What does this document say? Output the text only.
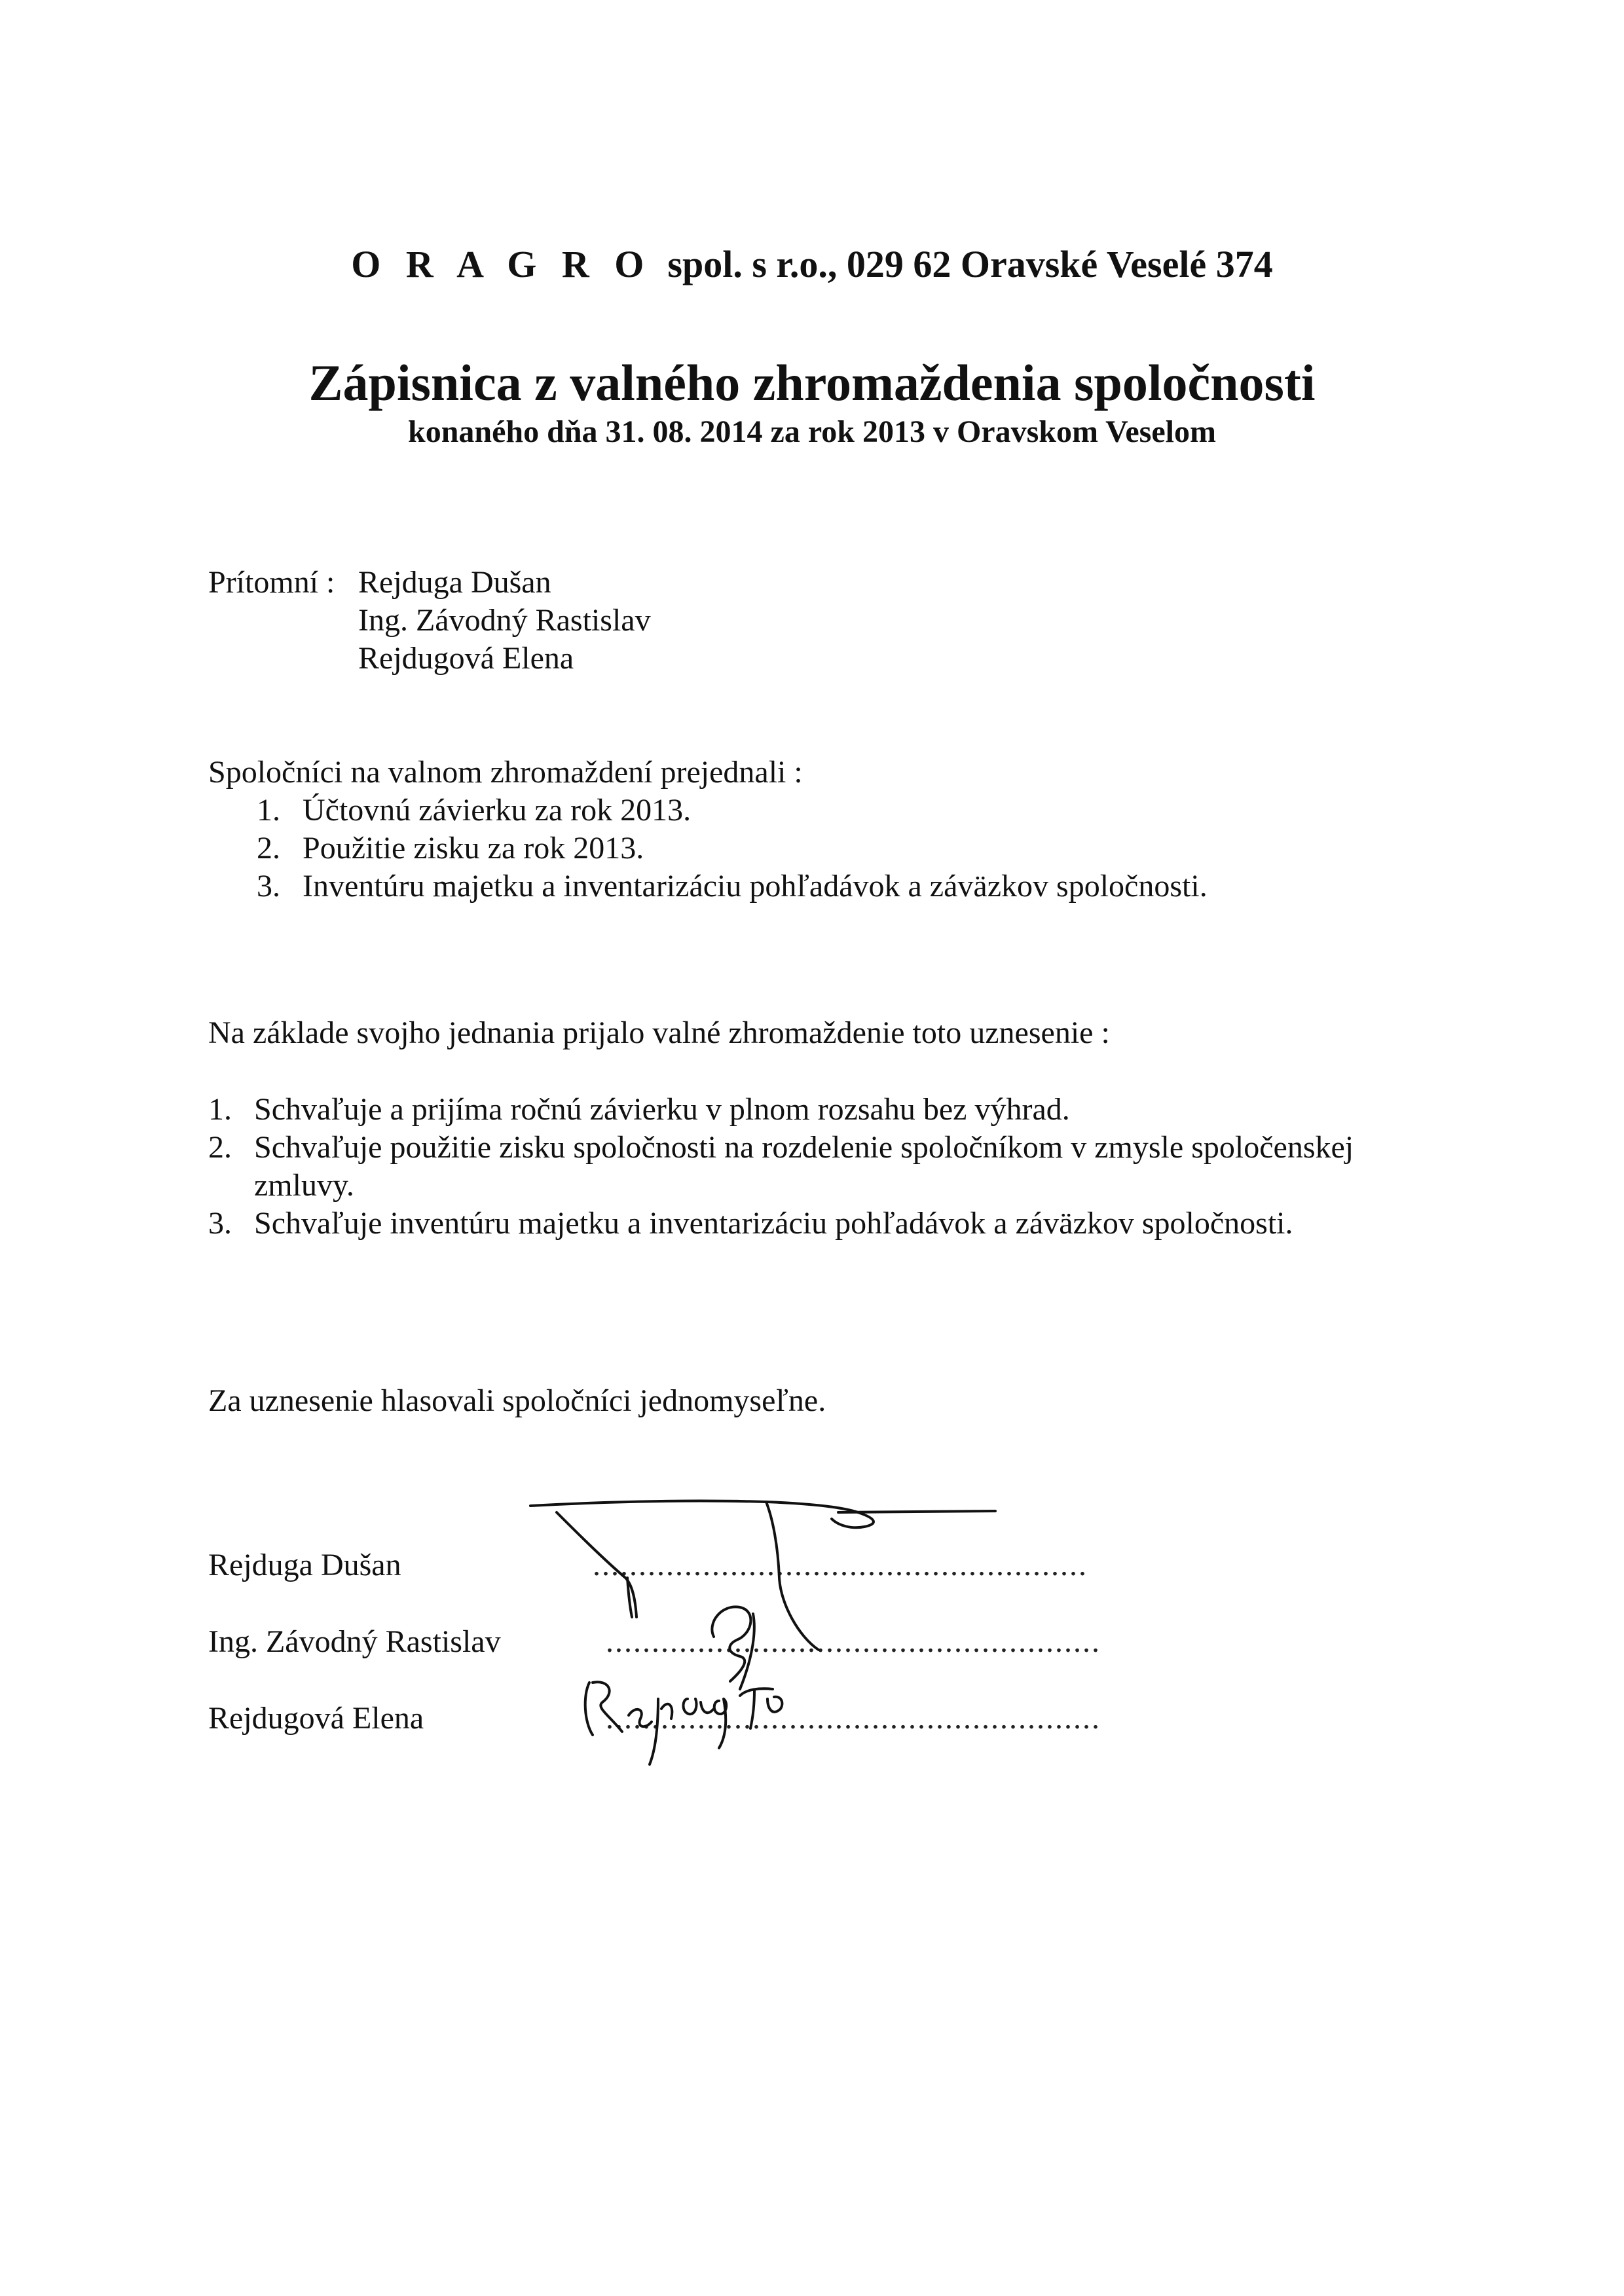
O R A G R O spol. s r.o., 029 62 Oravské Veselé 374
Zápisnica z valného zhromaždenia spoločnosti
konaného dňa 31. 08. 2014 za rok 2013 v Oravskom Veselom
Prítomní : Rejduga Dušan
Ing. Závodný Rastislav
Rejdugová Elena
Spoločníci na valnom zhromaždení prejednali :
1. Účtovnú závierku za rok 2013.
2. Použitie zisku za rok 2013.
3. Inventúru majetku a inventarizáciu pohľadávok a záväzkov spoločnosti.
Na základe svojho jednania prijalo valné zhromaždenie toto uznesenie :
1. Schvaľuje a prijíma ročnú závierku v plnom rozsahu bez výhrad.
2. Schvaľuje použitie zisku spoločnosti na rozdelenie spoločníkom v zmysle spoločenskej
zmluvy.
3. Schvaľuje inventúru majetku a inventarizáciu pohľadávok a záväzkov spoločnosti.
Za uznesenie hlasovali spoločníci jednomyseľne.
Rejduga Dušan	......................................................
Ing. Závodný Rastislav	......................................................
Rejdugová Elena	......................................................
